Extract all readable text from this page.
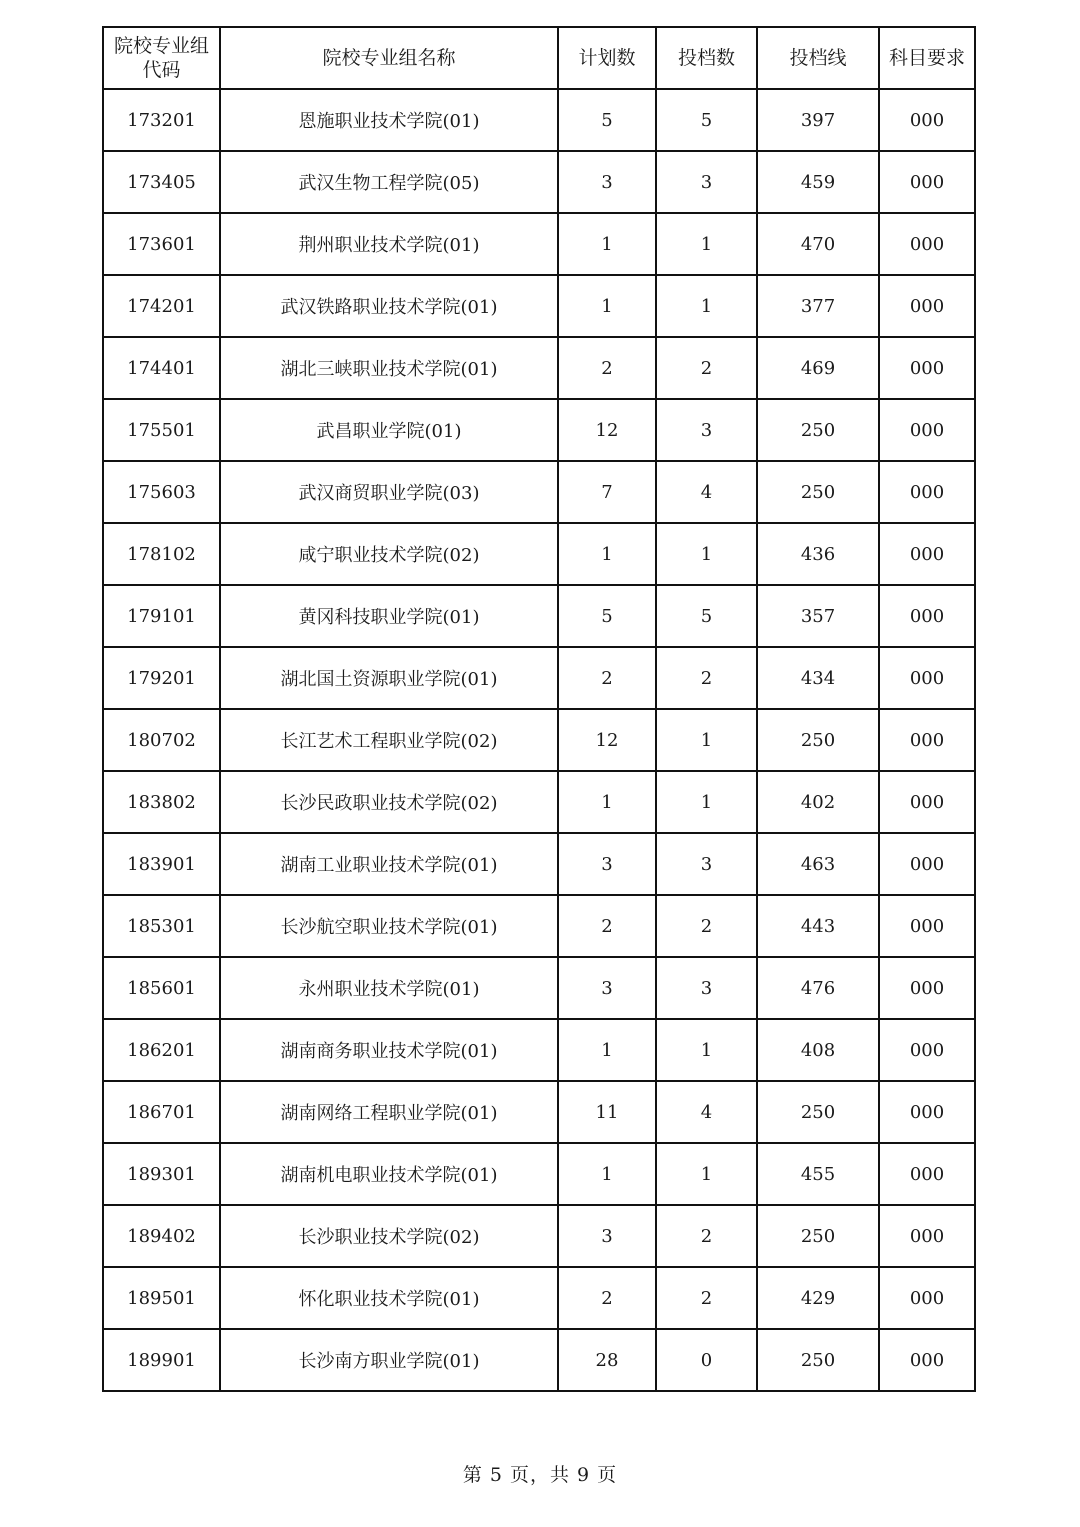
院校专业组代码	院校专业组名称	计划数	投档数	投档线	科目要求
173201	恩施职业技术学院(01)	5	5	397	000
173405	武汉生物工程学院(05)	3	3	459	000
173601	荆州职业技术学院(01)	1	1	470	000
174201	武汉铁路职业技术学院(01)	1	1	377	000
174401	湖北三峡职业技术学院(01)	2	2	469	000
175501	武昌职业学院(01)	12	3	250	000
175603	武汉商贸职业学院(03)	7	4	250	000
178102	咸宁职业技术学院(02)	1	1	436	000
179101	黄冈科技职业学院(01)	5	5	357	000
179201	湖北国土资源职业学院(01)	2	2	434	000
180702	长江艺术工程职业学院(02)	12	1	250	000
183802	长沙民政职业技术学院(02)	1	1	402	000
183901	湖南工业职业技术学院(01)	3	3	463	000
185301	长沙航空职业技术学院(01)	2	2	443	000
185601	永州职业技术学院(01)	3	3	476	000
186201	湖南商务职业技术学院(01)	1	1	408	000
186701	湖南网络工程职业学院(01)	11	4	250	000
189301	湖南机电职业技术学院(01)	1	1	455	000
189402	长沙职业技术学院(02)	3	2	250	000
189501	怀化职业技术学院(01)	2	2	429	000
189901	长沙南方职业学院(01)	28	0	250	000
第 5 页，共 9 页
